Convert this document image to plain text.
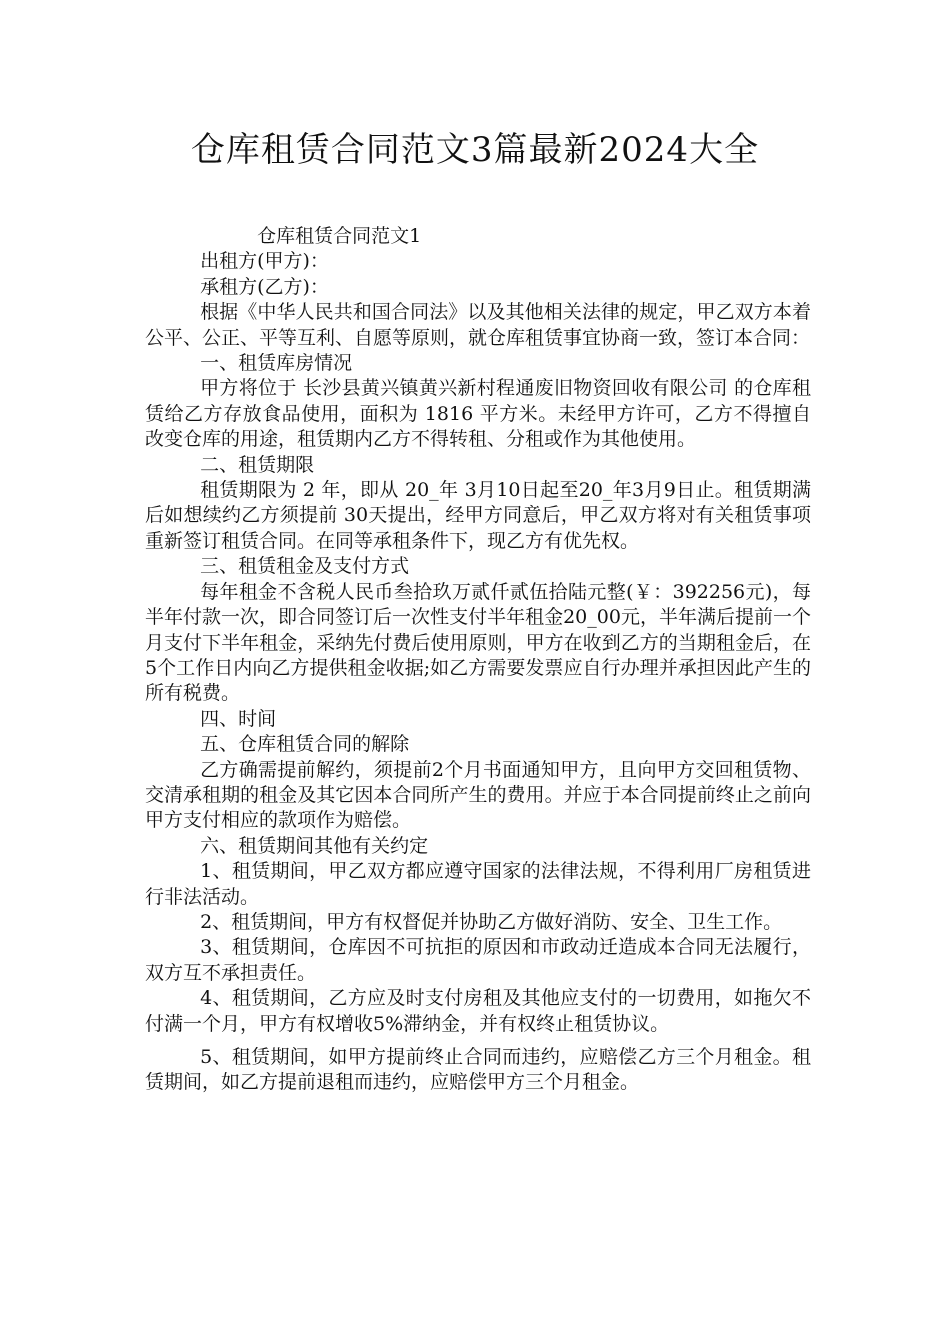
仓库租赁合同范文3篇最新2024大全

仓库租赁合同范文1

出租方(甲方)：

承租方(乙方)：

根据《中华人民共和国合同法》以及其他相关法律的规定，甲乙双方本着公平、公正、平等互利、自愿等原则，就仓库租赁事宜协商一致，签订本合同：

一、租赁库房情况

甲方将位于 长沙县黄兴镇黄兴新村程通废旧物资回收有限公司 的仓库租赁给乙方存放食品使用，面积为 1816 平方米。未经甲方许可，乙方不得擅自改变仓库的用途，租赁期内乙方不得转租、分租或作为其他使用。

二、租赁期限

租赁期限为 2 年，即从 20_年 3月10日起至20_年3月9日止。租赁期满后如想续约乙方须提前 30天提出，经甲方同意后，甲乙双方将对有关租赁事项重新签订租赁合同。在同等承租条件下，现乙方有优先权。

三、租赁租金及支付方式

每年租金不含税人民币叁拾玖万贰仟贰伍拾陆元整(￥：392256元)，每半年付款一次，即合同签订后一次性支付半年租金20_00元，半年满后提前一个月支付下半年租金，采纳先付费后使用原则，甲方在收到乙方的当期租金后，在5个工作日内向乙方提供租金收据;如乙方需要发票应自行办理并承担因此产生的所有税费。

四、时间

五、仓库租赁合同的解除

乙方确需提前解约，须提前2个月书面通知甲方，且向甲方交回租赁物、交清承租期的租金及其它因本合同所产生的费用。并应于本合同提前终止之前向甲方支付相应的款项作为赔偿。

六、租赁期间其他有关约定

1、租赁期间，甲乙双方都应遵守国家的法律法规，不得利用厂房租赁进行非法活动。

2、租赁期间，甲方有权督促并协助乙方做好消防、安全、卫生工作。

3、租赁期间，仓库因不可抗拒的原因和市政动迁造成本合同无法履行，双方互不承担责任。

4、租赁期间，乙方应及时支付房租及其他应支付的一切费用，如拖欠不付满一个月，甲方有权增收5%滞纳金，并有权终止租赁协议。

5、租赁期间，如甲方提前终止合同而违约，应赔偿乙方三个月租金。租赁期间，如乙方提前退租而违约，应赔偿甲方三个月租金。
